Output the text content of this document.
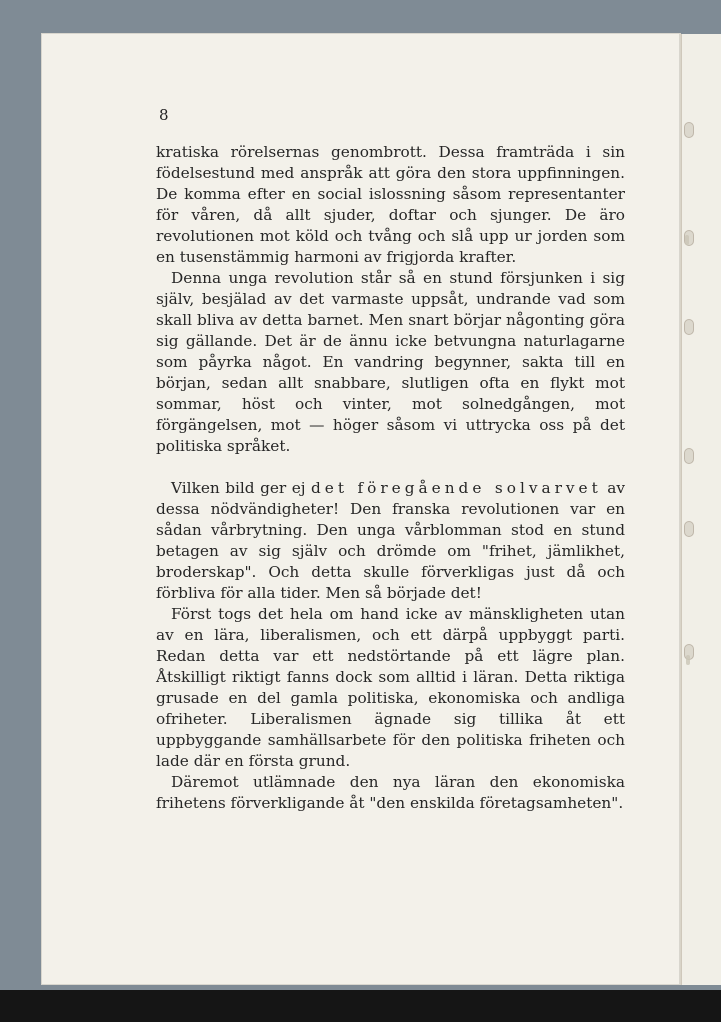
8

kratiska rörelsernas genombrott. Dessa framträda i sin födelsestund med anspråk att göra den stora uppfinningen. De komma efter en social islossning såsom representanter för våren, då allt sjuder, doftar och sjunger. De äro revolutionen mot köld och tvång och slå upp ur jorden som en tusenstämmig harmoni av frigjorda krafter.

Denna unga revolution står så en stund försjunken i sig själv, besjälad av det varmaste uppsåt, undrande vad som skall bliva av detta barnet. Men snart börjar någonting göra sig gällande. Det är de ännu icke betvungna naturlagarne som påyrka något. En vandring begynner, sakta till en början, sedan allt snabbare, slutligen ofta en flykt mot sommar, höst och vinter, mot solnedgången, mot förgängelsen, mot — höger såsom vi uttrycka oss på det politiska språket.

Vilken bild ger ej det föregående solvarvet av dessa nödvändigheter! Den franska revolutionen var en sådan vårbrytning. Den unga vårblomman stod en stund betagen av sig själv och drömde om "frihet, jämlikhet, broderskap". Och detta skulle förverkligas just då och förbliva för alla tider. Men så började det!

Först togs det hela om hand icke av mänskligheten utan av en lära, liberalismen, och ett därpå uppbyggt parti. Redan detta var ett nedstörtande på ett lägre plan. Åtskilligt riktigt fanns dock som alltid i läran. Detta riktiga grusade en del gamla politiska, ekonomiska och andliga ofriheter. Liberalismen ägnade sig tillika åt ett uppbyggande samhällsarbete för den politiska friheten och lade där en första grund.

Däremot utlämnade den nya läran den ekonomiska frihetens förverkligande åt "den enskilda företagsamheten".
